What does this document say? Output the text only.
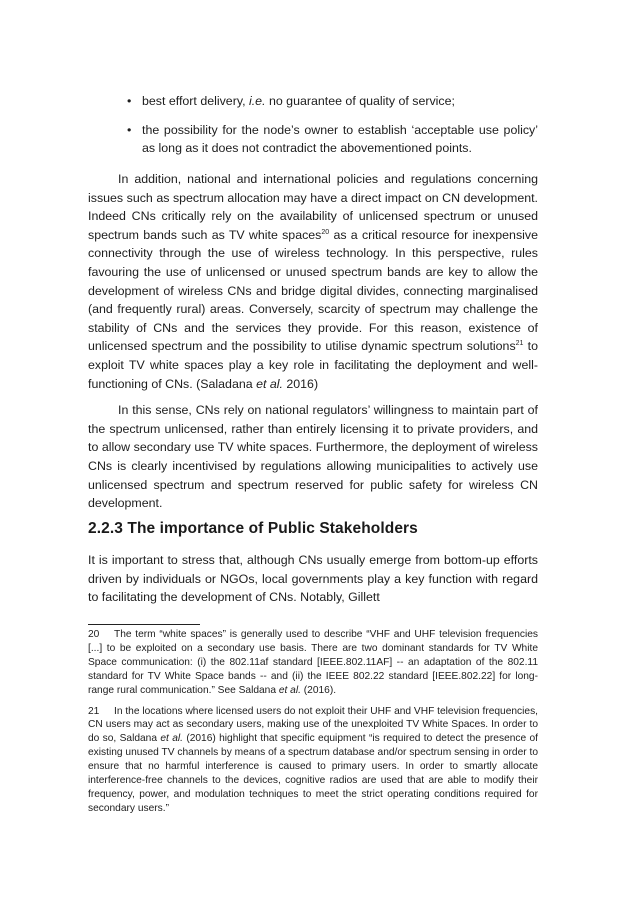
• best effort delivery, i.e. no guarantee of quality of service;
• the possibility for the node’s owner to establish ‘acceptable use policy’ as long as it does not contradict the abovementioned points.

In addition, national and international policies and regulations concerning issues such as spectrum allocation may have a direct impact on CN development. Indeed CNs critically rely on the availability of unlicensed spectrum or unused spectrum bands such as TV white spaces$^{20}$ as a critical resource for inexpensive connectivity through the use of wireless technology. In this perspective, rules favouring the use of unlicensed or unused spectrum bands are key to allow the development of wireless CNs and bridge digital divides, connecting marginalised (and frequently rural) areas. Conversely, scarcity of spectrum may challenge the stability of CNs and the services they provide. For this reason, existence of unlicensed spectrum and the possibility to utilise dynamic spectrum solutions$^{21}$ to exploit TV white spaces play a key role in facilitating the deployment and well-functioning of CNs. (Saladana et al. 2016)

In this sense, CNs rely on national regulators’ willingness to maintain part of the spectrum unlicensed, rather than entirely licensing it to private providers, and to allow secondary use TV white spaces. Furthermore, the deployment of wireless CNs is clearly incentivised by regulations allowing municipalities to actively use unlicensed spectrum and spectrum reserved for public safety for wireless CN development.

2.2.3 The importance of Public Stakeholders
It is important to stress that, although CNs usually emerge from bottom-up efforts driven by individuals or NGOs, local governments play a key function with regard to facilitating the development of CNs. Notably, Gillett

20 The term “white spaces” is generally used to describe “VHF and UHF television frequencies [...] to be exploited on a secondary use basis. There are two dominant standards for TV White Space communication: (i) the 802.11af standard [IEEE.802.11AF] -- an adaptation of the 802.11 standard for TV White Space bands -- and (ii) the IEEE 802.22 standard [IEEE.802.22] for long-range rural communication.” See Saldana et al. (2016).

21 In the locations where licensed users do not exploit their UHF and VHF television frequencies, CN users may act as secondary users, making use of the unexploited TV White Spaces. In order to do so, Saldana et al. (2016) highlight that specific equipment “is required to detect the presence of existing unused TV channels by means of a spectrum database and/or spectrum sensing in order to ensure that no harmful interference is caused to primary users. In order to smartly allocate interference-free channels to the devices, cognitive radios are used that are able to modify their frequency, power, and modulation techniques to meet the strict operating conditions required for secondary users.”
